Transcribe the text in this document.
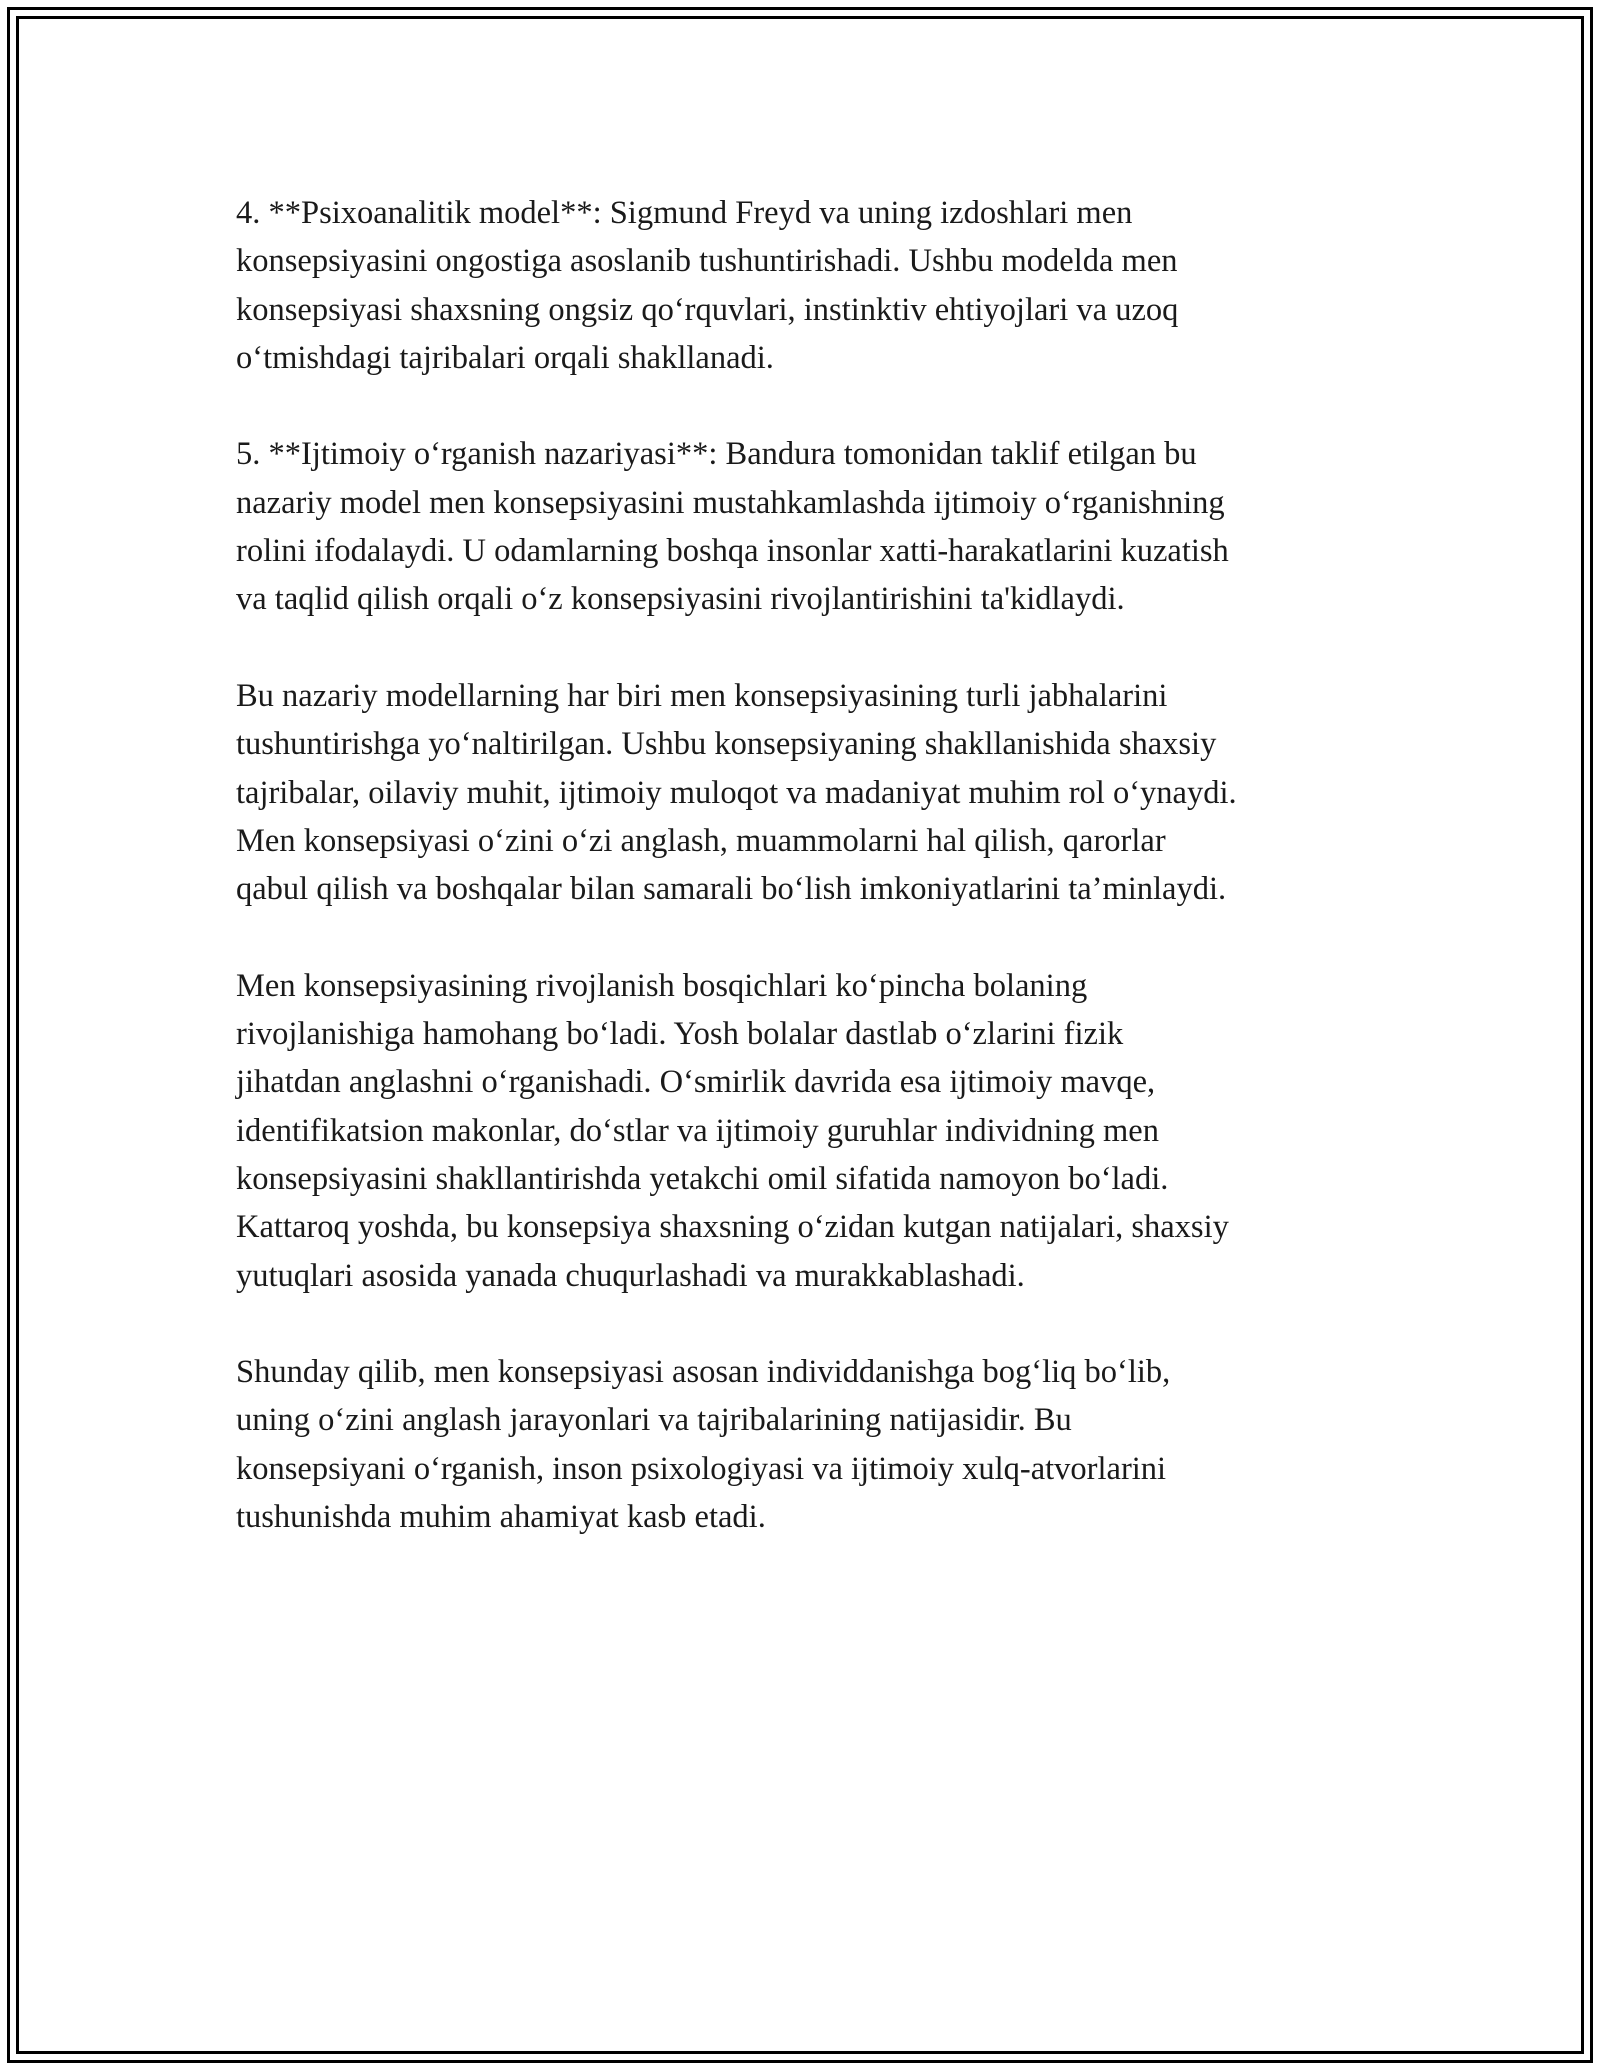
4. **Psixoanalitik model**: Sigmund Freyd va uning izdoshlari men
konsepsiyasini ongostiga asoslanib tushuntirishadi. Ushbu modelda men
konsepsiyasi shaxsning ongsiz qo‘rquvlari, instinktiv ehtiyojlari va uzoq
o‘tmishdagi tajribalari orqali shakllanadi.

5. **Ijtimoiy o‘rganish nazariyasi**: Bandura tomonidan taklif etilgan bu
nazariy model men konsepsiyasini mustahkamlashda ijtimoiy o‘rganishning
rolini ifodalaydi. U odamlarning boshqa insonlar xatti-harakatlarini kuzatish
va taqlid qilish orqali o‘z konsepsiyasini rivojlantirishini ta'kidlaydi.

Bu nazariy modellarning har biri men konsepsiyasining turli jabhalarini
tushuntirishga yo‘naltirilgan. Ushbu konsepsiyaning shakllanishida shaxsiy
tajribalar, oilaviy muhit, ijtimoiy muloqot va madaniyat muhim rol o‘ynaydi.
Men konsepsiyasi o‘zini o‘zi anglash, muammolarni hal qilish, qarorlar
qabul qilish va boshqalar bilan samarali bo‘lish imkoniyatlarini ta’minlaydi.

Men konsepsiyasining rivojlanish bosqichlari ko‘pincha bolaning
rivojlanishiga hamohang bo‘ladi. Yosh bolalar dastlab o‘zlarini fizik
jihatdan anglashni o‘rganishadi. O‘smirlik davrida esa ijtimoiy mavqe,
identifikatsion makonlar, do‘stlar va ijtimoiy guruhlar individning men
konsepsiyasini shakllantirishda yetakchi omil sifatida namoyon bo‘ladi.
Kattaroq yoshda, bu konsepsiya shaxsning o‘zidan kutgan natijalari, shaxsiy
yutuqlari asosida yanada chuqurlashadi va murakkablashadi.

Shunday qilib, men konsepsiyasi asosan individdanishga bog‘liq bo‘lib,
uning o‘zini anglash jarayonlari va tajribalarining natijasidir. Bu
konsepsiyani o‘rganish, inson psixologiyasi va ijtimoiy xulq-atvorlarini
tushunishda muhim ahamiyat kasb etadi.
